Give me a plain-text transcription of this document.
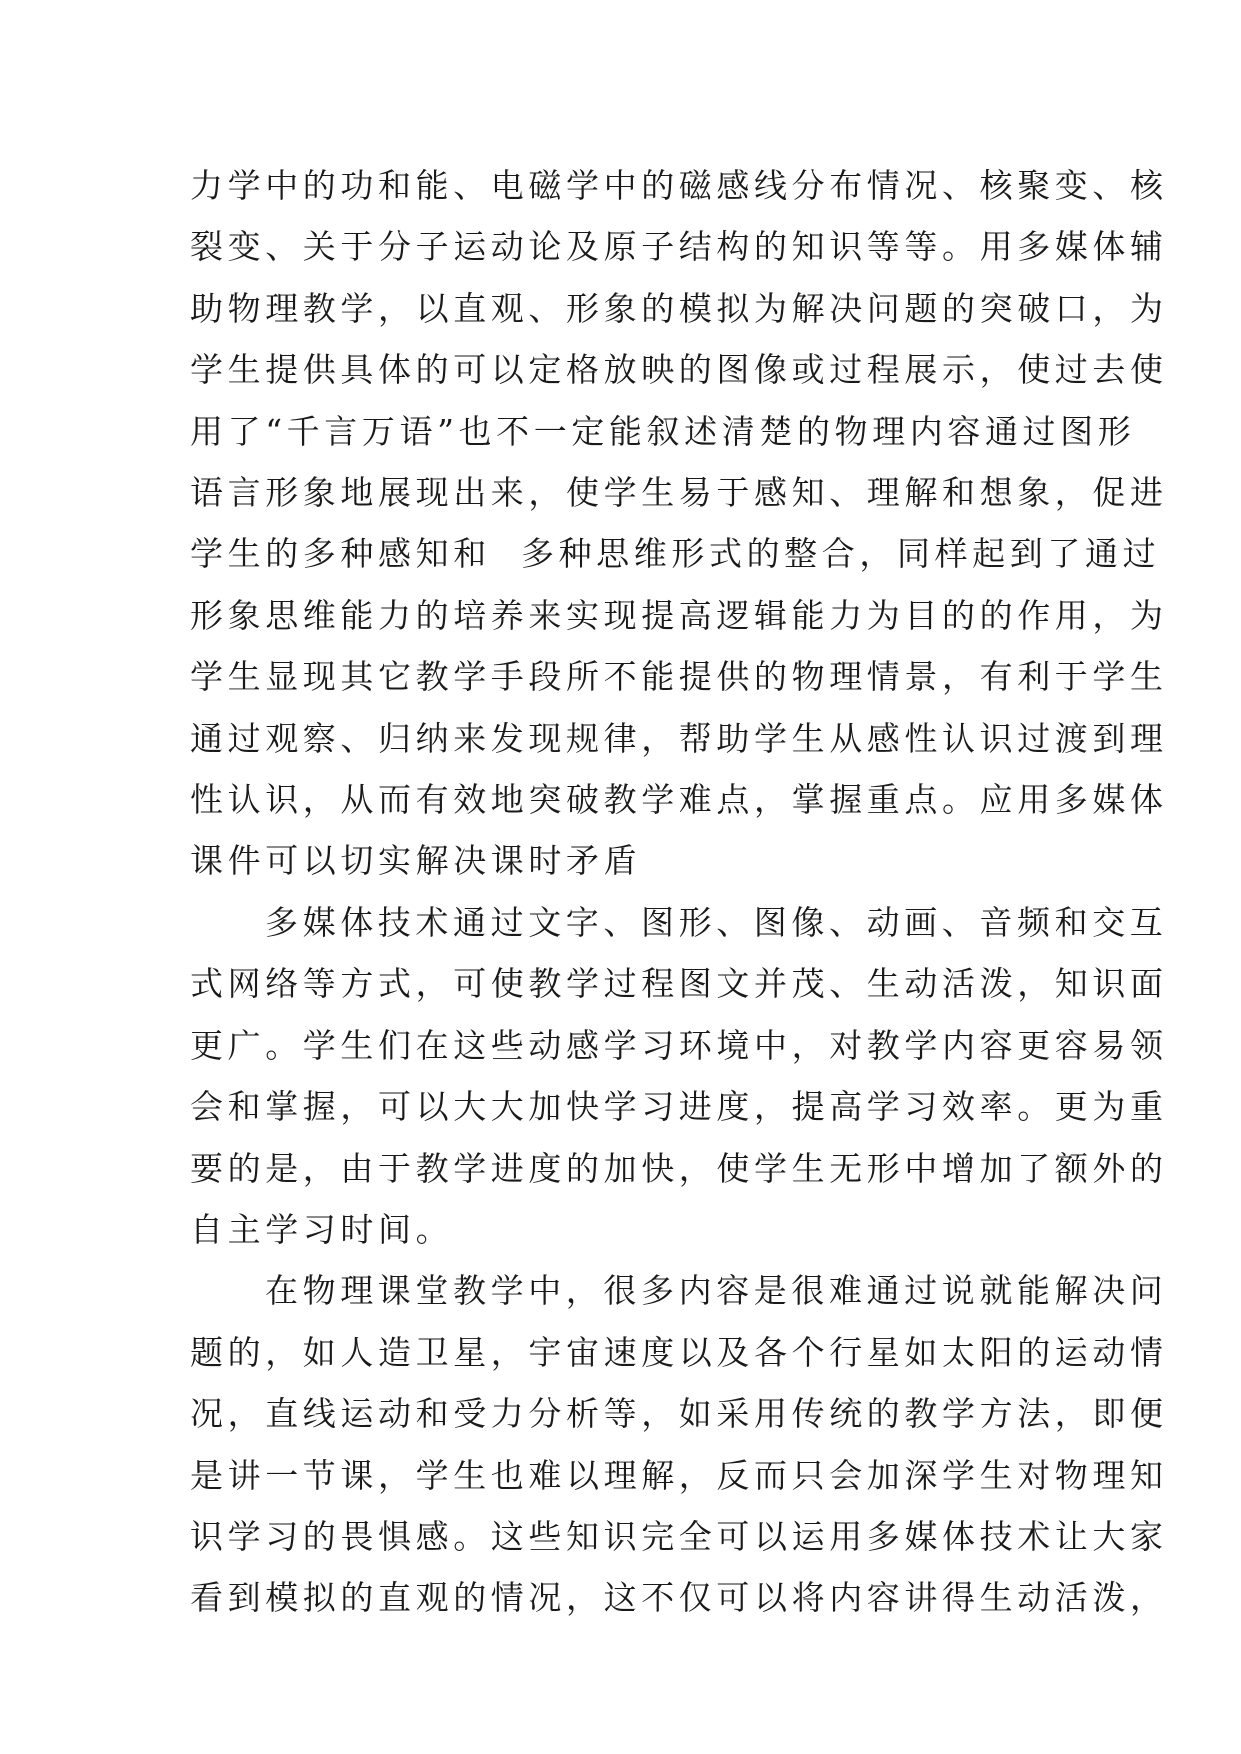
力学中的功和能、电磁学中的磁感线分布情况、核聚变、核
裂变、关于分子运动论及原子结构的知识等等。用多媒体辅
助物理教学，以直观、形象的模拟为解决问题的突破口，为
学生提供具体的可以定格放映的图像或过程展示，使过去使
用了“千言万语”也不一定能叙述清楚的物理内容通过图形
语言形象地展现出来，使学生易于感知、理解和想象，促进
学生的多种感知和  多种思维形式的整合，同样起到了通过
形象思维能力的培养来实现提高逻辑能力为目的的作用，为
学生显现其它教学手段所不能提供的物理情景，有利于学生
通过观察、归纳来发现规律，帮助学生从感性认识过渡到理
性认识，从而有效地突破教学难点，掌握重点。应用多媒体
课件可以切实解决课时矛盾
多媒体技术通过文字、图形、图像、动画、音频和交互
式网络等方式，可使教学过程图文并茂、生动活泼，知识面
更广。学生们在这些动感学习环境中，对教学内容更容易领
会和掌握，可以大大加快学习进度，提高学习效率。更为重
要的是，由于教学进度的加快，使学生无形中增加了额外的
自主学习时间。
在物理课堂教学中，很多内容是很难通过说就能解决问
题的，如人造卫星，宇宙速度以及各个行星如太阳的运动情
况，直线运动和受力分析等，如采用传统的教学方法，即便
是讲一节课，学生也难以理解，反而只会加深学生对物理知
识学习的畏惧感。这些知识完全可以运用多媒体技术让大家
看到模拟的直观的情况，这不仅可以将内容讲得生动活泼，
